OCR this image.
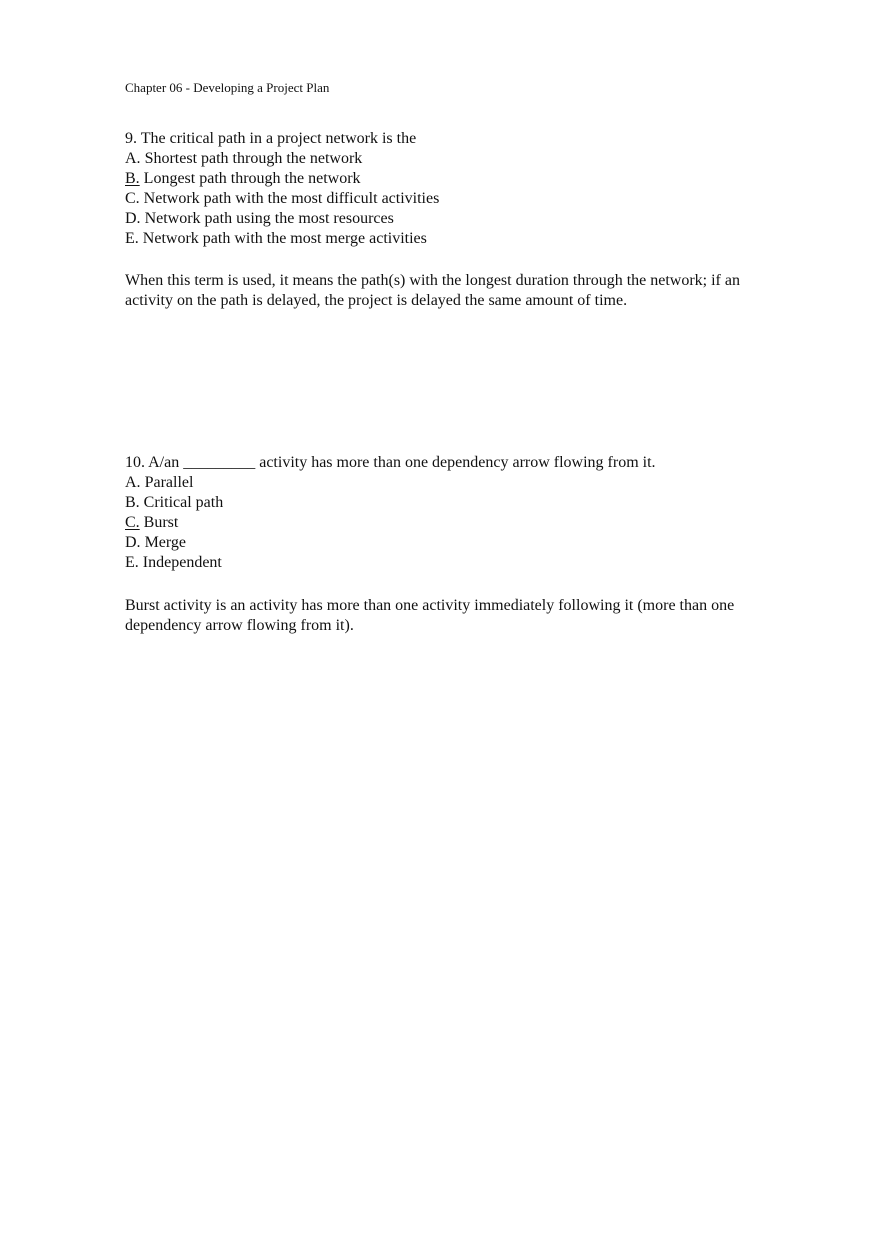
Chapter 06 - Developing a Project Plan
9. The critical path in a project network is the
A. Shortest path through the network
B. Longest path through the network
C. Network path with the most difficult activities
D. Network path using the most resources
E. Network path with the most merge activities
When this term is used, it means the path(s) with the longest duration through the network; if an activity on the path is delayed, the project is delayed the same amount of time.
10. A/an _________ activity has more than one dependency arrow flowing from it.
A. Parallel
B. Critical path
C. Burst
D. Merge
E. Independent
Burst activity is an activity has more than one activity immediately following it (more than one dependency arrow flowing from it).
